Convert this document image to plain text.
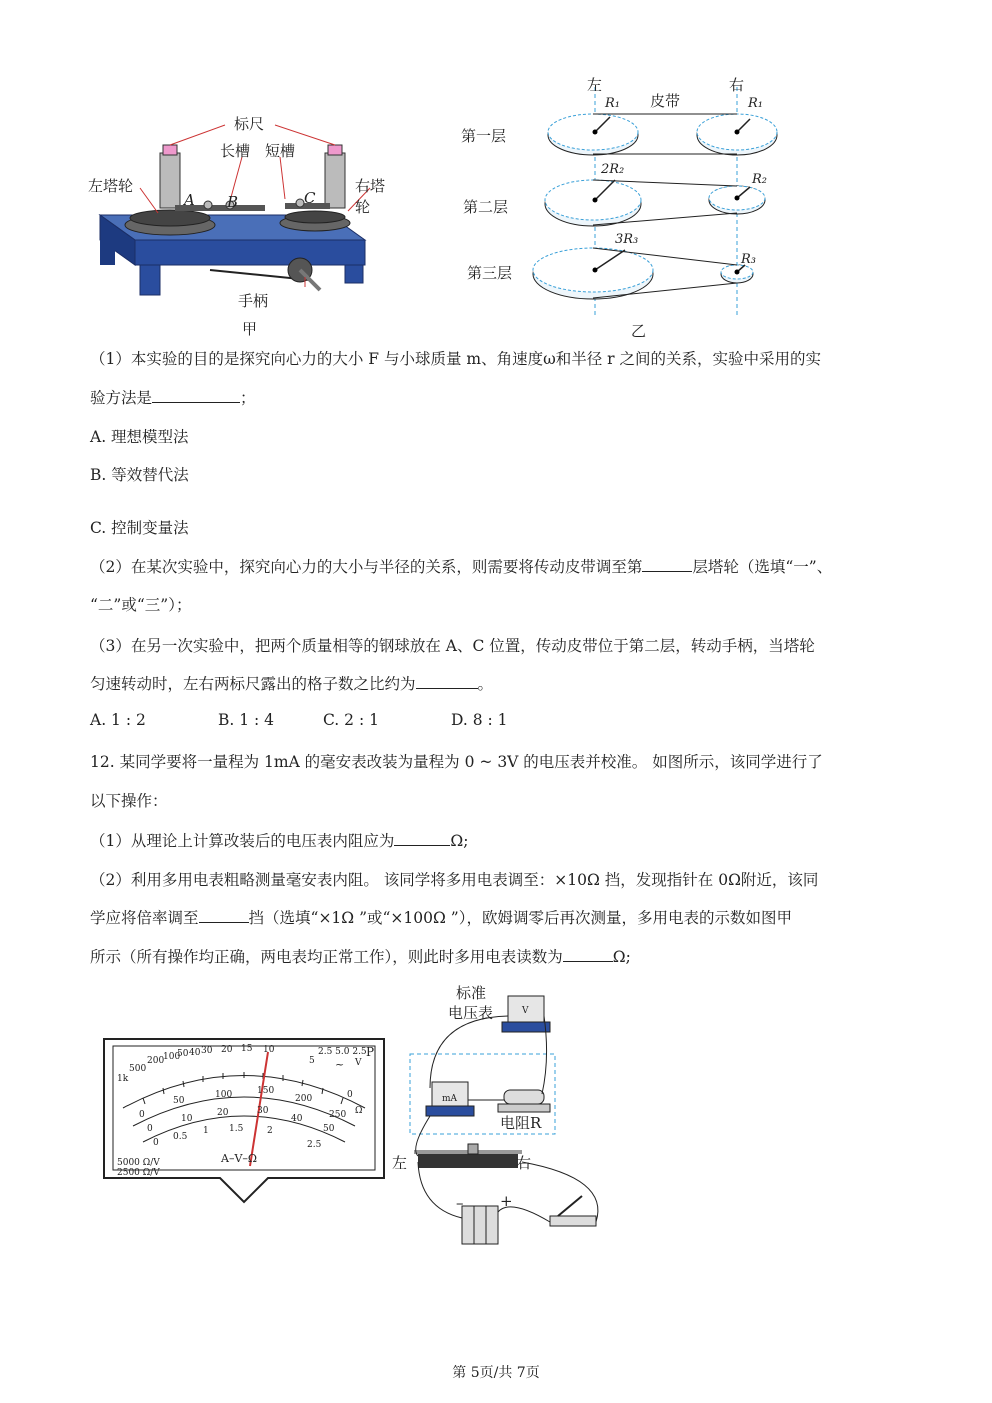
标尺
长槽 短槽
左塔轮	右塔轮
A B	C
手柄
甲
左	右
皮带
第一层
第二层
第三层
R₁	R₁
2R₂
R₂
3R₃
R₃
乙
（1）本实验的目的是探究向心力的大小 F 与小球质量 m、角速度ω和半径 r 之间的关系，实验中采用的实
验方法是	；
A. 理想模型法
B. 等效替代法
C. 控制变量法
（2）在某次实验中，探究向心力的大小与半径的关系，则需要将传动皮带调至第	层塔轮（选填“一”、
“二”或“三”）；
（3）在另一次实验中，把两个质量相等的钢球放在 A、C 位置，传动皮带位于第二层，转动手柄，当塔轮
匀速转动时，左右两标尺露出的格子数之比约为	。
A. 1 : 2	B. 1 : 4	C. 2 : 1	D. 8 : 1
12. 某同学要将一量程为 1mA 的毫安表改装为量程为 0 ~ 3V 的电压表并校准。 如图所示，该同学进行了
以下操作：
（1）从理论上计算改装后的电压表内阻应为	Ω;
（2）利用多用电表粗略测量毫安表内阻。 该同学将多用电表调至：×10Ω 挡，发现指针在 0Ω附近，该同
学应将倍率调至	挡（选填“×1Ω ”或“×100Ω ”），欧姆调零后再次测量，多用电表的示数如图甲
所示（所有操作均正确，两电表均正常工作），则此时多用电表读数为	Ω;
1k
500
200
100
50 40 30 20 15 10
5
0
Ω
0
50
100	150
200
250
0
10
20	30
40
50
0
0.5
1 1.5	2
2.5
2.5 5.0 2.5 P
~ V
A–V–Ω
5000 Ω/V
2500 Ω/V
标准
电压表	V
mA
电阻R
左	右
+
–
第 5页/共 7页
